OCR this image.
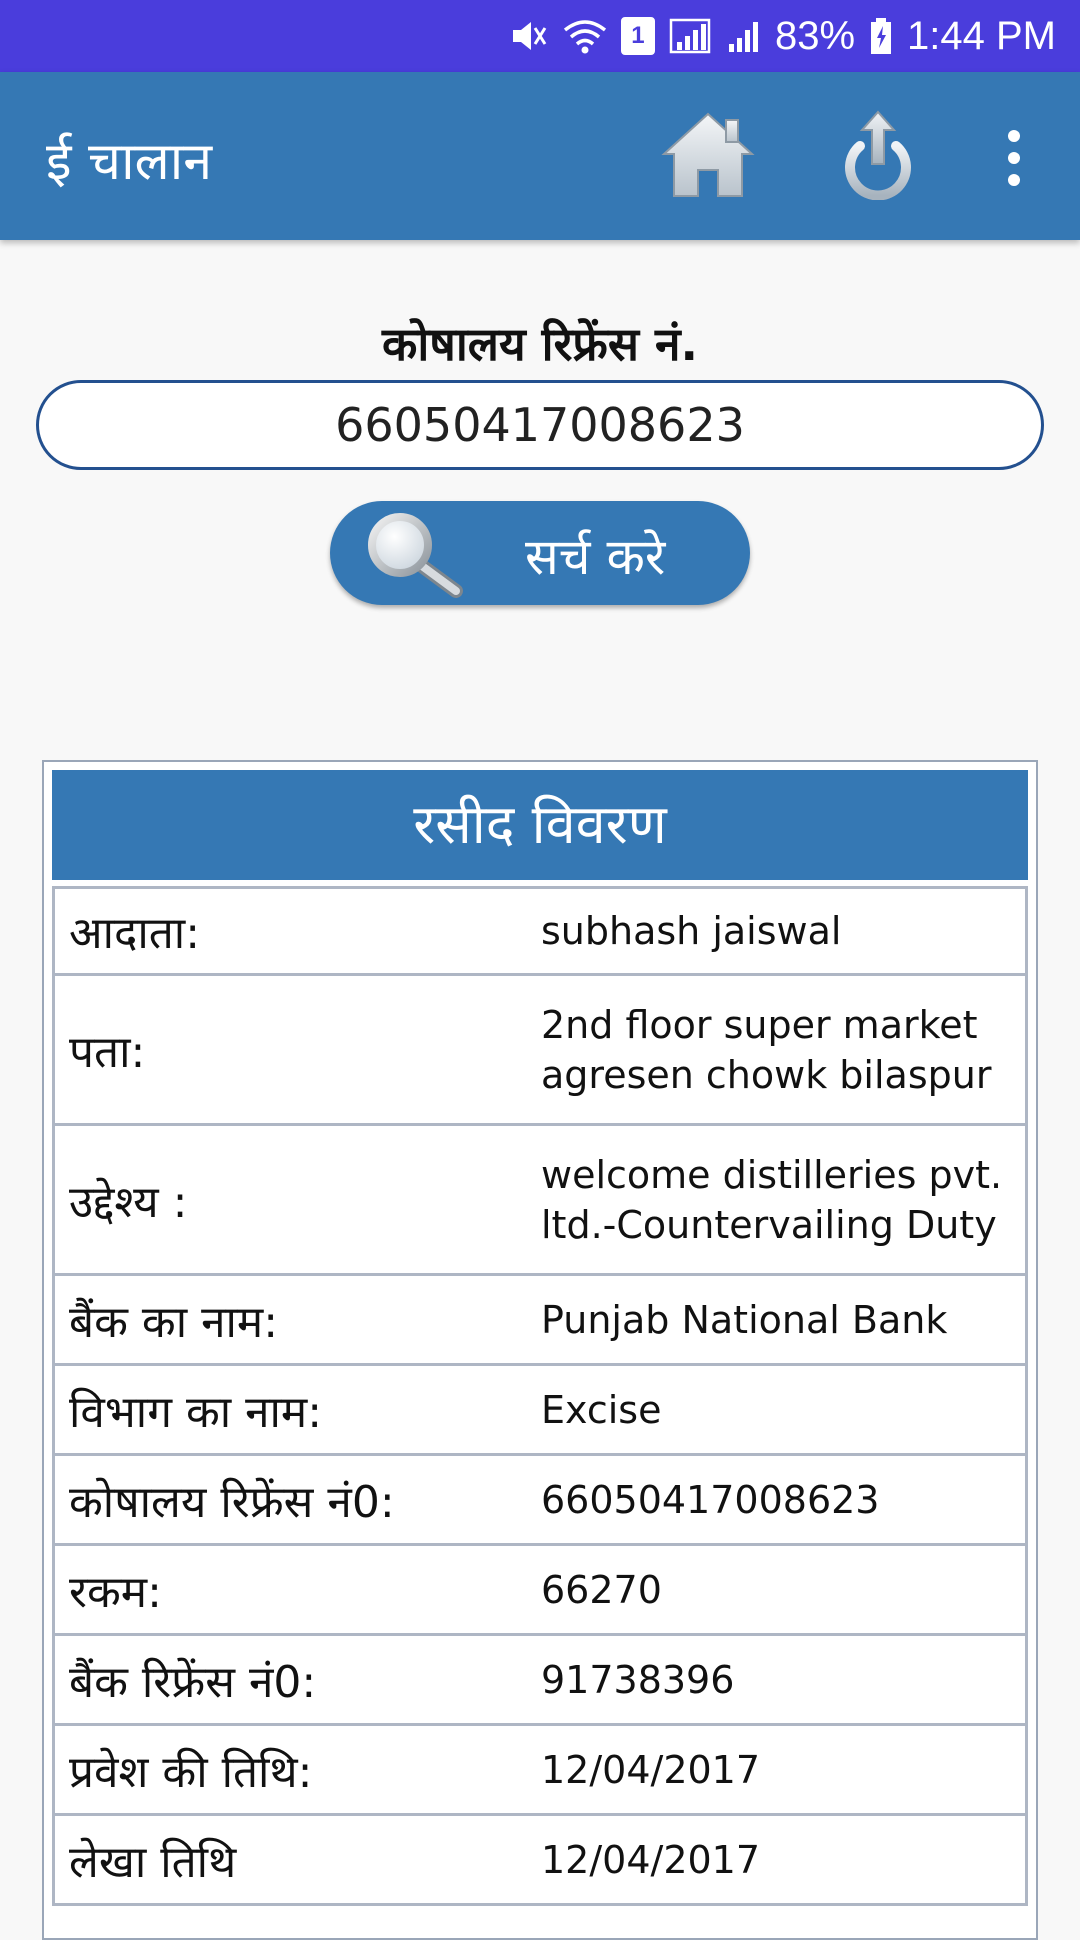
1	83% 1:44 PM
ई चालान
कोषालय रिफ्रेंस नं.
66050417008623
सर्च करे
रसीद विवरण
आदाता:	subhash jaiswal
पता:
2nd floor super market agresen chowk bilaspur
उद्देश्य :
welcome distilleries pvt. ltd.-Countervailing Duty
बैंक का नाम:	Punjab National Bank
विभाग का नाम:	Excise
कोषालय रिफ्रेंस नं0:	66050417008623
रकम:	66270
बैंक रिफ्रेंस नं0:	91738396
प्रवेश की तिथि:	12/04/2017
लेखा तिथि	12/04/2017
